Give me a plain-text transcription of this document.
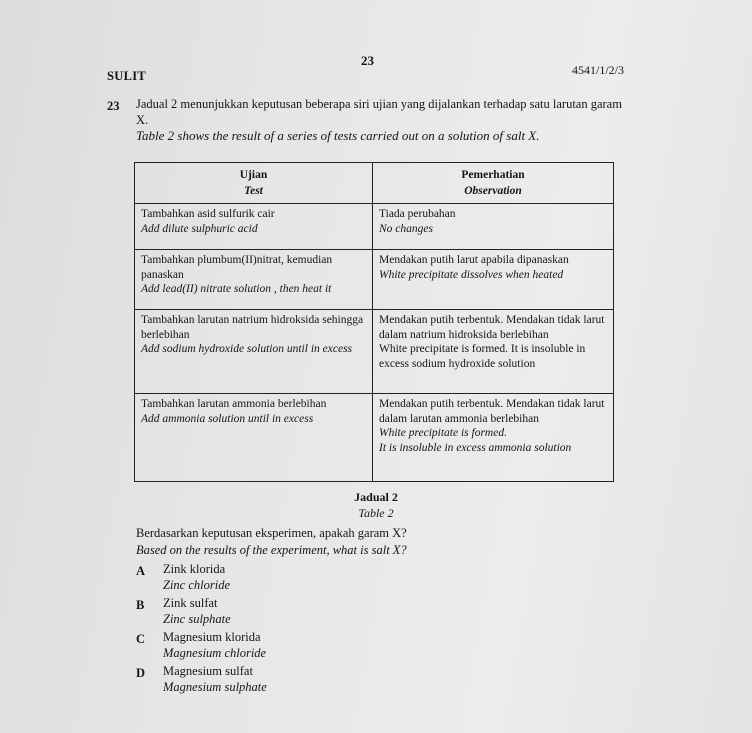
23
SULIT	4541/1/2/3
23 Jadual 2 menunjukkan keputusan beberapa siri ujian yang dijalankan terhadap satu larutan garam X.
Table 2 shows the result of a series of tests carried out on a solution of salt X.
Ujian
Test	Pemerhatian
Observation

Tambahkan asid sulfurik cair
Add dilute sulphuric acid	Tiada perubahan
No changes

Tambahkan plumbum(II)nitrat, kemudian panaskan
Add lead(II) nitrate solution , then heat it	Mendakan putih larut apabila dipanaskan
White precipitate dissolves when heated

Tambahkan larutan natrium hidroksida sehingga berlebihan
Add sodium hydroxide solution until in excess	Mendakan putih terbentuk. Mendakan tidak larut dalam natrium hidroksida berlebihan
White precipitate is formed. It is insoluble in excess sodium hydroxide solution

Tambahkan larutan ammonia berlebihan
Add ammonia solution until in excess	Mendakan putih terbentuk. Mendakan tidak larut dalam larutan ammonia berlebihan
White precipitate is formed.
It is insoluble in excess ammonia solution
Jadual 2
Table 2
Berdasarkan keputusan eksperimen, apakah garam X?
Based on the results of the experiment, what is salt X?
A Zink klorida
Zinc chloride
B Zink sulfat
Zinc sulphate
C Magnesium klorida
Magnesium chloride
D Magnesium sulfat
Magnesium sulphate
